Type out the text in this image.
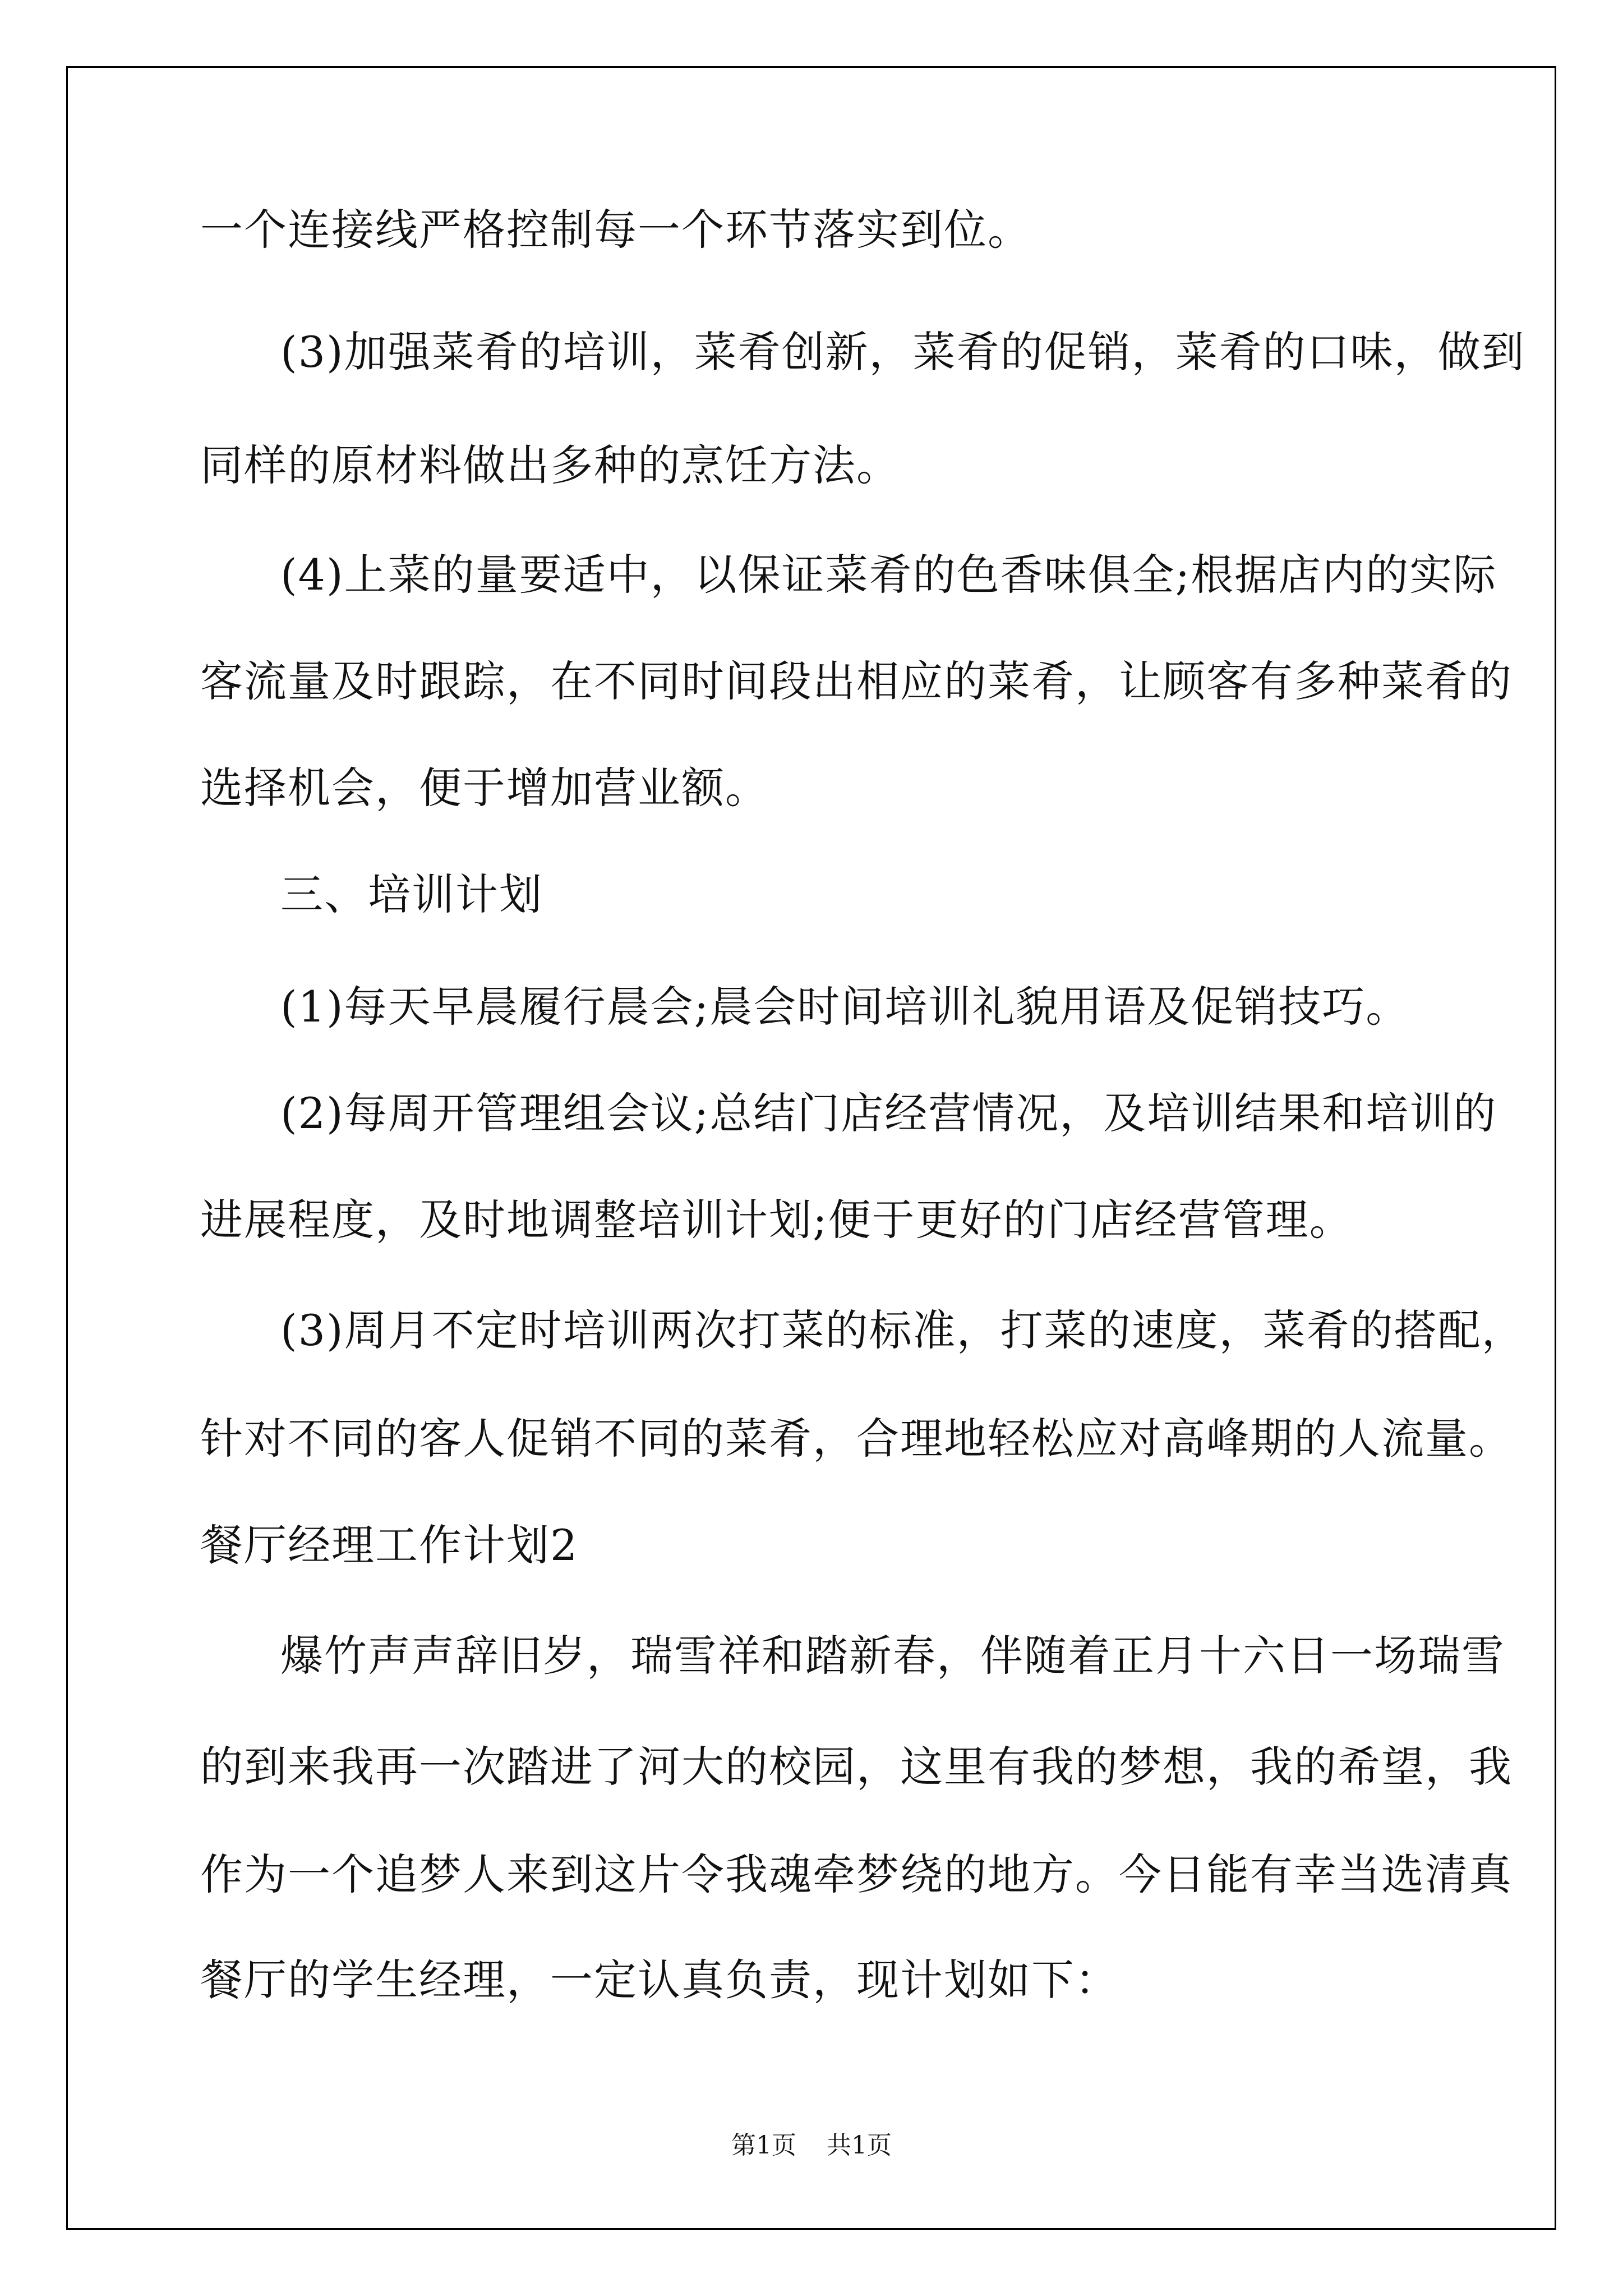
一个连接线严格控制每一个环节落实到位。
(3)加强菜肴的培训，菜肴创新，菜肴的促销，菜肴的口味，做到
同样的原材料做出多种的烹饪方法。
(4)上菜的量要适中，以保证菜肴的色香味俱全;根据店内的实际
客流量及时跟踪，在不同时间段出相应的菜肴，让顾客有多种菜肴的
选择机会，便于增加营业额。
三、培训计划
(1)每天早晨履行晨会;晨会时间培训礼貌用语及促销技巧。
(2)每周开管理组会议;总结门店经营情况，及培训结果和培训的
进展程度，及时地调整培训计划;便于更好的门店经营管理。
(3)周月不定时培训两次打菜的标准，打菜的速度，菜肴的搭配，
针对不同的客人促销不同的菜肴，合理地轻松应对高峰期的人流量。
餐厅经理工作计划2
爆竹声声辞旧岁，瑞雪祥和踏新春，伴随着正月十六日一场瑞雪
的到来我再一次踏进了河大的校园，这里有我的梦想，我的希望，我
作为一个追梦人来到这片令我魂牵梦绕的地方。今日能有幸当选清真
餐厅的学生经理，一定认真负责，现计划如下：
第1页 共1页
